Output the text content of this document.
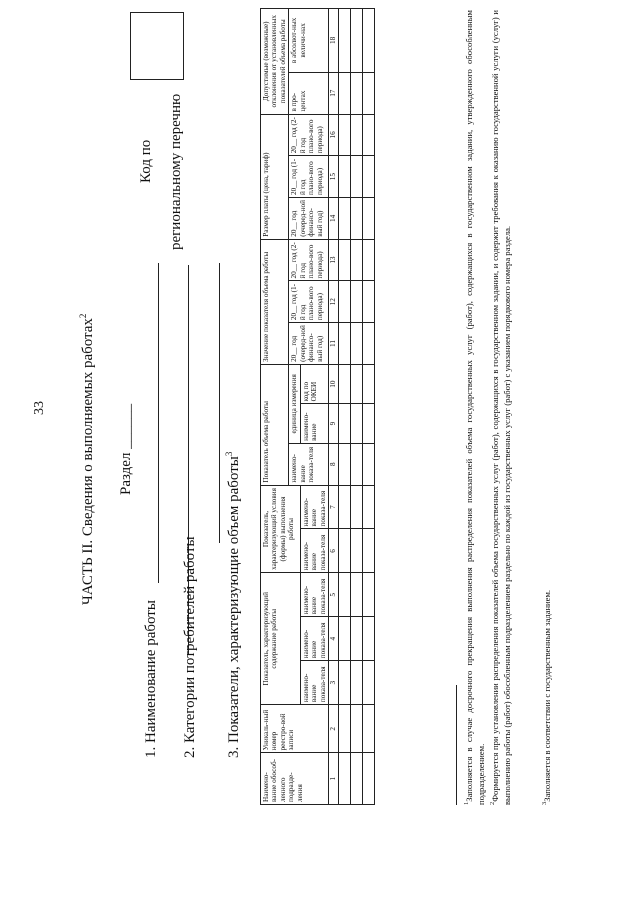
33 ЧАСТЬ II. Сведения о выполняемых работах$^2$
Раздел ______
Код по региональному перечню
1. Наименование работы 2. Категории потребителей работы 3. Показатели, характеризующие объем работы$^3$
Наимено-вание обособ-ленного подразде-ления	Уникаль-ный номер реестро-вой записи	Показатель, характеризующий содержание работы			Показатель, характеризующий условия (формы) выполнения работы		Показатель объема работы			Значение показателя объема работы			Размер платы (цена, тариф)			Допустимые (возможные) отклонения от установленных показателей объема работы	
							наимено-вание показа-теля	единица измерения		20__ год (очеред-ной финансо-вый год)	20__ год (1-й год плано-вого периода)	20__ год (2-й год плано-вого периода)	20__ год (очеред-ной финансо-вый год)	20__ год (1-й год плано-вого периода)	20__ год (2-й год плано-вого периода)	в про-центах	в абсолют-ных величи-нах
		наимено-вание показа-теля	наимено-вание показа-теля	наимено-вание показа-теля	наимено-вание показа-теля	наимено-вание показа-теля		наимено-вание	код по ОКЕИ								
1	2	3	4	5	6	7	8	9	10	11	12	13	14	15	16	17	18

$^1$Заполняется в случае досрочного прекращения выполнения распределения показателей объема государственных услуг (работ), содержащихся в государственном задании, утвержденного обособленным подразделением. $^2$Формируется при установлении распределения показателей объема государственных услуг (работ), содержащихся в государственном задании, и содержит требования к оказанию государственной услуги (услуг) и выполнению работы (работ) обособленным подразделением раздельно по каждой из государственных услуг (работ) с указанием порядкового номера раздела.	$^3$Заполняется в соответствии с государственным заданием.
